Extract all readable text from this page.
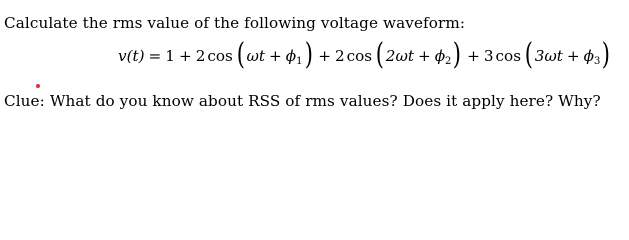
Calculate the rms value of the following voltage waveform:
v(t) = 1 + 2 cos ( $\omega t + \phi_1$ ) + 2 cos ( $2\omega t + \phi_2$ ) + 3 cos ( $3\omega t + \phi_3$ )
Clue: What do you know about RSS of rms values? Does it apply here? Why?
